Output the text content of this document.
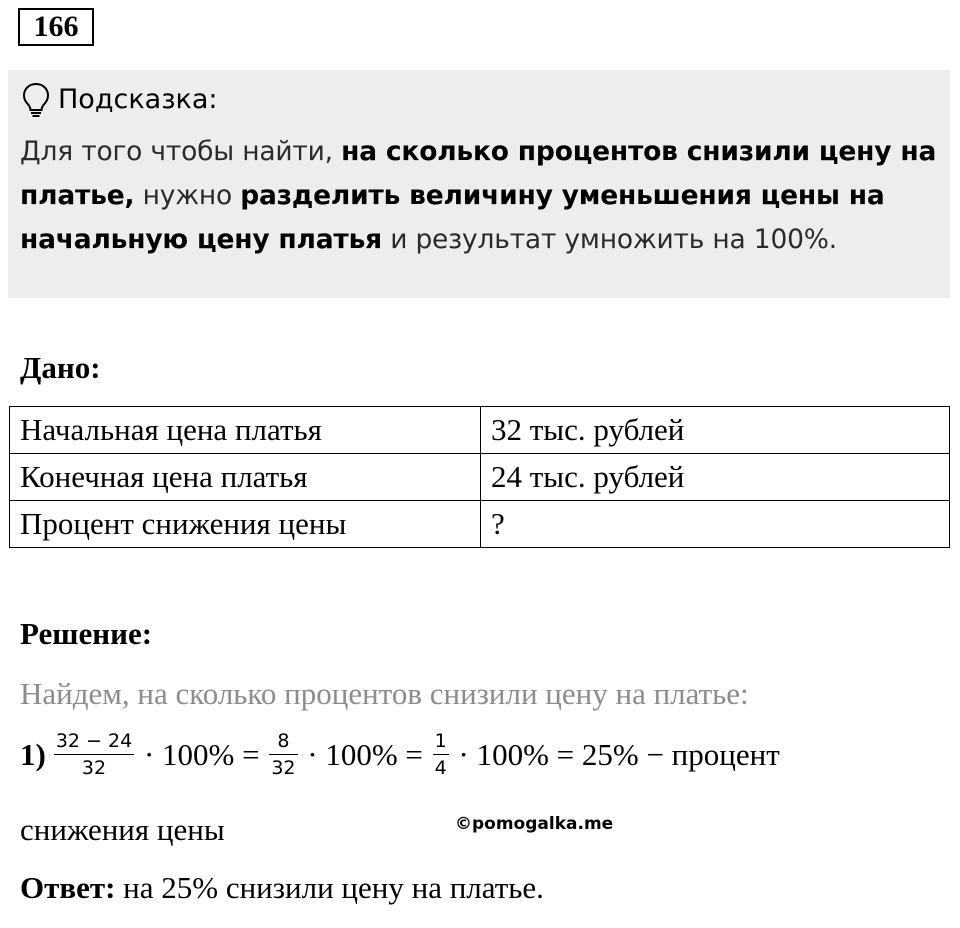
166
Подсказка:
Для того чтобы найти, на сколько процентов снизили цену на платье, нужно разделить величину уменьшения цены на начальную цену платья и результат умножить на 100%.
Дано:
Начальная цена платья	32 тыс. рублей
Конечная цена платья	24 тыс. рублей
Процент снижения цены	?
Решение:
Найдем, на сколько процентов снизили цену на платье:
$1) \frac{32 - 24}{32} \cdot 100\% = \frac{8}{32} \cdot 100\% = \frac{1}{4} \cdot 100\% = 25\%$ − процент
снижения цены	©pomogalka.me
Ответ: на 25% снизили цену на платье.
